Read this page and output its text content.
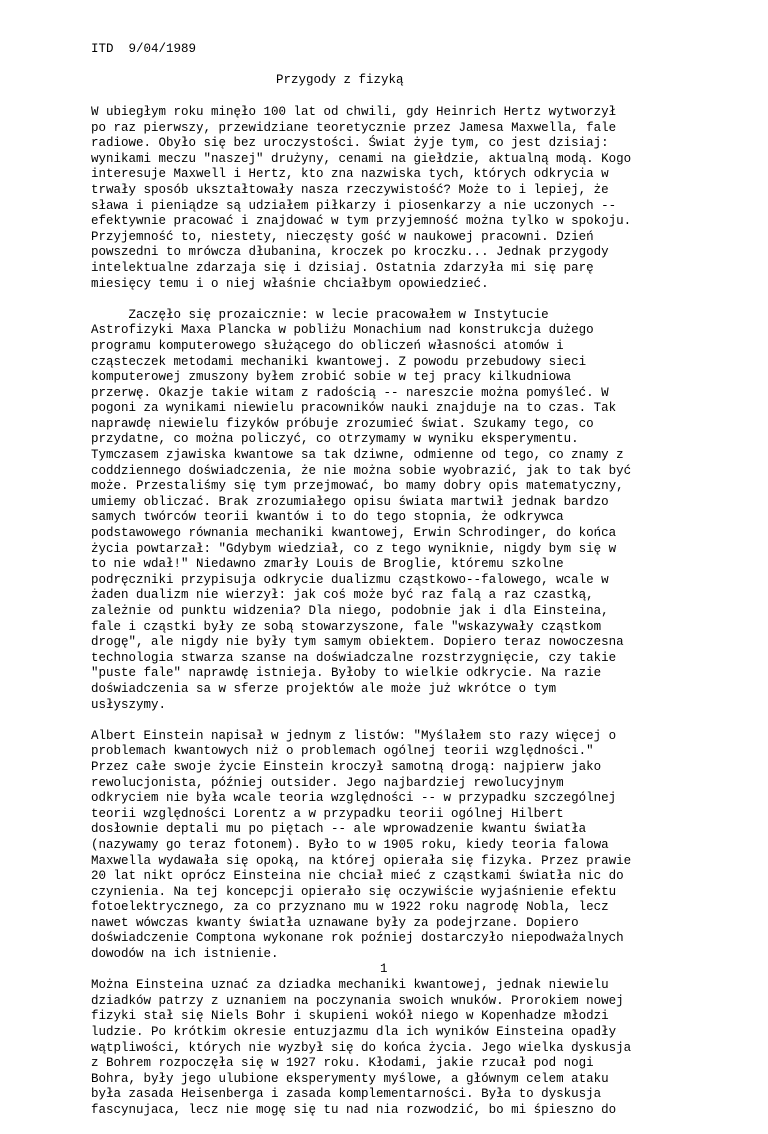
ITD  9/04/1989
Przygody z fizyką
W ubiegłym roku minęło 100 lat od chwili, gdy Heinrich Hertz wytworzył
po raz pierwszy, przewidziane teoretycznie przez Jamesa Maxwella, fale
radiowe. Obyło się bez uroczystości. Świat żyje tym, co jest dzisiaj:
wynikami meczu "naszej" drużyny, cenami na giełdzie, aktualną modą. Kogo
interesuje Maxwell i Hertz, kto zna nazwiska tych, których odkrycia w
trwały sposób ukształtowały nasza rzeczywistość? Może to i lepiej, że
sława i pieniądze są udziałem piłkarzy i piosenkarzy a nie uczonych --
efektywnie pracować i znajdować w tym przyjemność można tylko w spokoju.
Przyjemność to, niestety, nieczęsty gość w naukowej pracowni. Dzień
powszedni to mrówcza dłubanina, kroczek po kroczku... Jednak przygody
intelektualne zdarzaja się i dzisiaj. Ostatnia zdarzyła mi się parę
miesięcy temu i o niej właśnie chciałbym opowiedzieć.
Zaczęło się prozaicznie: w lecie pracowałem w Instytucie
Astrofizyki Maxa Plancka w pobliżu Monachium nad konstrukcja dużego
programu komputerowego służącego do obliczeń własności atomów i
cząsteczek metodami mechaniki kwantowej. Z powodu przebudowy sieci
komputerowej zmuszony byłem zrobić sobie w tej pracy kilkudniowa
przerwę. Okazje takie witam z radością -- nareszcie można pomyśleć. W
pogoni za wynikami niewielu pracowników nauki znajduje na to czas. Tak
naprawdę niewielu fizyków próbuje zrozumieć świat. Szukamy tego, co
przydatne, co można policzyć, co otrzymamy w wyniku eksperymentu.
Tymczasem zjawiska kwantowe sa tak dziwne, odmienne od tego, co znamy z
coddziennego doświadczenia, że nie można sobie wyobrazić, jak to tak być
może. Przestaliśmy się tym przejmować, bo mamy dobry opis matematyczny,
umiemy obliczać. Brak zrozumiałego opisu świata martwił jednak bardzo
samych twórców teorii kwantów i to do tego stopnia, że odkrywca
podstawowego równania mechaniki kwantowej, Erwin Schrodinger, do końca
życia powtarzał: "Gdybym wiedział, co z tego wyniknie, nigdy bym się w
to nie wdał!" Niedawno zmarły Louis de Broglie, któremu szkolne
podręczniki przypisuja odkrycie dualizmu cząstkowo--falowego, wcale w
żaden dualizm nie wierzył: jak coś może być raz falą a raz czastką,
zależnie od punktu widzenia? Dla niego, podobnie jak i dla Einsteina,
fale i cząstki były ze sobą stowarzyszone, fale "wskazywały cząstkom
drogę", ale nigdy nie były tym samym obiektem. Dopiero teraz nowoczesna
technologia stwarza szanse na doświadczalne rozstrzygnięcie, czy takie
"puste fale" naprawdę istnieja. Byłoby to wielkie odkrycie. Na razie
doświadczenia sa w sferze projektów ale może już wkrótce o tym
usłyszymy.
Albert Einstein napisał w jednym z listów: "Myślałem sto razy więcej o
problemach kwantowych niż o problemach ogólnej teorii względności."
Przez całe swoje życie Einstein kroczył samotną drogą: najpierw jako
rewolucjonista, później outsider. Jego najbardziej rewolucyjnym
odkryciem nie była wcale teoria względności -- w przypadku szczególnej
teorii względności Lorentz a w przypadku teorii ogólnej Hilbert
dosłownie deptali mu po piętach -- ale wprowadzenie kwantu światła
(nazywamy go teraz fotonem). Było to w 1905 roku, kiedy teoria falowa
Maxwella wydawała się opoką, na której opierała się fizyka. Przez prawie
20 lat nikt oprócz Einsteina nie chciał mieć z cząstkami światła nic do
czynienia. Na tej koncepcji opierało się oczywiście wyjaśnienie efektu
fotoelektrycznego, za co przyznano mu w 1922 roku nagrodę Nobla, lecz
nawet wówczas kwanty światła uznawane były za podejrzane. Dopiero
doświadczenie Comptona wykonane rok poźniej dostarczyło niepodważalnych
dowodów na ich istnienie.
Można Einsteina uznać za dziadka mechaniki kwantowej, jednak niewielu
dziadków patrzy z uznaniem na poczynania swoich wnuków. Prorokiem nowej
fizyki stał się Niels Bohr i skupieni wokół niego w Kopenhadze młodzi
ludzie. Po krótkim okresie entuzjazmu dla ich wyników Einsteina opadły
wątpliwości, których nie wyzbył się do końca życia. Jego wielka dyskusja
z Bohrem rozpoczęła się w 1927 roku. Kłodami, jakie rzucał pod nogi
Bohra, były jego ulubione eksperymenty myślowe, a głównym celem ataku
była zasada Heisenberga i zasada komplementarności. Była to dyskusja
fascynujaca, lecz nie mogę się tu nad nia rozwodzić, bo mi śpieszno do
1
